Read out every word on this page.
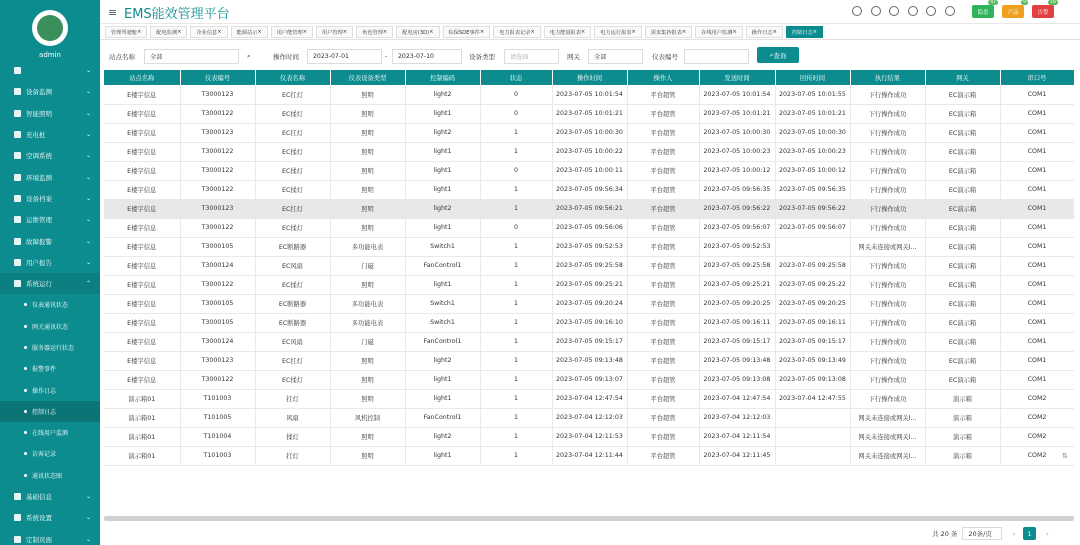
admin
⌄
设备监测	⌄
智能照明	⌄
充电桩	⌄
空调系统	⌄
环境监测	⌄
设备档案	⌄
运维管理	⌄
故障报警	⌄
用户报告	⌄
系统运行	⌃
仪表通讯状态
网关通讯状态
服务器运行状态
报警事件
操作日志
控制日志
在线用户监测
访客记录
通讯状态图
基础信息	⌄
系统设置	⌄
定制页面	⌄
≡ EMS能效管理平台	隐患
47
产品
9
告警
16
管理驾驶舱 ×	配电监测 ×	企业信息 ×	能源站示 ×	用户能管理 ×	用户管理 ×	角色管理 ×	配电房(3D) ×	综保SOE事件 ×	电力报表记录 ×	电力能量报表 ×	电力运行报表 ×	需求集抄报表 ×	在线用户监测 ×	操作日志 ×	控制日志 ×
站点名称	全部	⌕	操作时间	2023-07-01	-	2023-07-10	设备类型	请选择	网关	全部	仪表编号	⌕ 查询
站点名称	仪表编号	仪表名称	仪表设备类型	控制编码	状态	操作时间	操作人	发送时间	回传时间	执行结果	网关	串口号
E楼字信息	T3000123	EC扛灯	照明	light2	0	2023-07-05 10:01:54	平台超管	2023-07-05 10:01:54	2023-07-05 10:01:55	下行操作成功	EC演示箱	COM1
E楼字信息	T3000122	EC揉灯	照明	light1	0	2023-07-05 10:01:21	平台超管	2023-07-05 10:01:21	2023-07-05 10:01:21	下行操作成功	EC演示箱	COM1
E楼字信息	T3000123	EC扛灯	照明	light2	1	2023-07-05 10:00:30	平台超管	2023-07-05 10:00:30	2023-07-05 10:00:30	下行操作成功	EC演示箱	COM1
E楼字信息	T3000122	EC揉灯	照明	light1	1	2023-07-05 10:00:22	平台超管	2023-07-05 10:00:23	2023-07-05 10:00:23	下行操作成功	EC演示箱	COM1
E楼字信息	T3000122	EC揉灯	照明	light1	0	2023-07-05 10:00:11	平台超管	2023-07-05 10:00:12	2023-07-05 10:00:12	下行操作成功	EC演示箱	COM1
E楼字信息	T3000122	EC揉灯	照明	light1	1	2023-07-05 09:56:34	平台超管	2023-07-05 09:56:35	2023-07-05 09:56:35	下行操作成功	EC演示箱	COM1
E楼字信息	T3000123	EC扛灯	照明	light2	1	2023-07-05 09:56:21	平台超管	2023-07-05 09:56:22	2023-07-05 09:56:22	下行操作成功	EC演示箱	COM1
E楼字信息	T3000122	EC揉灯	照明	light1	0	2023-07-05 09:56:06	平台超管	2023-07-05 09:56:07	2023-07-05 09:56:07	下行操作成功	EC演示箱	COM1
E楼字信息	T3000105	EC断路器	多功能电表	Switch1	1	2023-07-05 09:52:53	平台超管	2023-07-05 09:52:53		网关未连接或网关l...	EC演示箱	COM1
E楼字信息	T3000124	EC风扇	门磁	FanControl1	1	2023-07-05 09:25:58	平台超管	2023-07-05 09:25:58	2023-07-05 09:25:58	下行操作成功	EC演示箱	COM1
E楼字信息	T3000122	EC揉灯	照明	light1	1	2023-07-05 09:25:21	平台超管	2023-07-05 09:25:21	2023-07-05 09:25:22	下行操作成功	EC演示箱	COM1
E楼字信息	T3000105	EC断路器	多功能电表	Switch1	1	2023-07-05 09:20:24	平台超管	2023-07-05 09:20:25	2023-07-05 09:20:25	下行操作成功	EC演示箱	COM1
E楼字信息	T3000105	EC断路器	多功能电表	Switch1	1	2023-07-05 09:16:10	平台超管	2023-07-05 09:16:11	2023-07-05 09:16:11	下行操作成功	EC演示箱	COM1
E楼字信息	T3000124	EC风扇	门磁	FanControl1	1	2023-07-05 09:15:17	平台超管	2023-07-05 09:15:17	2023-07-05 09:15:17	下行操作成功	EC演示箱	COM1
E楼字信息	T3000123	EC扛灯	照明	light2	1	2023-07-05 09:13:48	平台超管	2023-07-05 09:13:48	2023-07-05 09:13:49	下行操作成功	EC演示箱	COM1
E楼字信息	T3000122	EC揉灯	照明	light1	1	2023-07-05 09:13:07	平台超管	2023-07-05 09:13:08	2023-07-05 09:13:08	下行操作成功	EC演示箱	COM1
演示箱01	T101003	扛灯	照明	light1	1	2023-07-04 12:47:54	平台超管	2023-07-04 12:47:54	2023-07-04 12:47:55	下行操作成功	演示箱	COM2
演示箱01	T101005	风扇	风机控制	FanControl1	1	2023-07-04 12:12:03	平台超管	2023-07-04 12:12:03		网关未连接或网关l...	演示箱	COM2
演示箱01	T101004	揉灯	照明	light2	1	2023-07-04 12:11:53	平台超管	2023-07-04 12:11:54		网关未连接或网关l...	演示箱	COM2
演示箱01	T101003	扛灯	照明	light1	1	2023-07-04 12:11:44	平台超管	2023-07-04 12:11:45		网关未连接或网关l...	演示箱	COM2 ⇅
共 20 条	20条/页	‹	1	›
